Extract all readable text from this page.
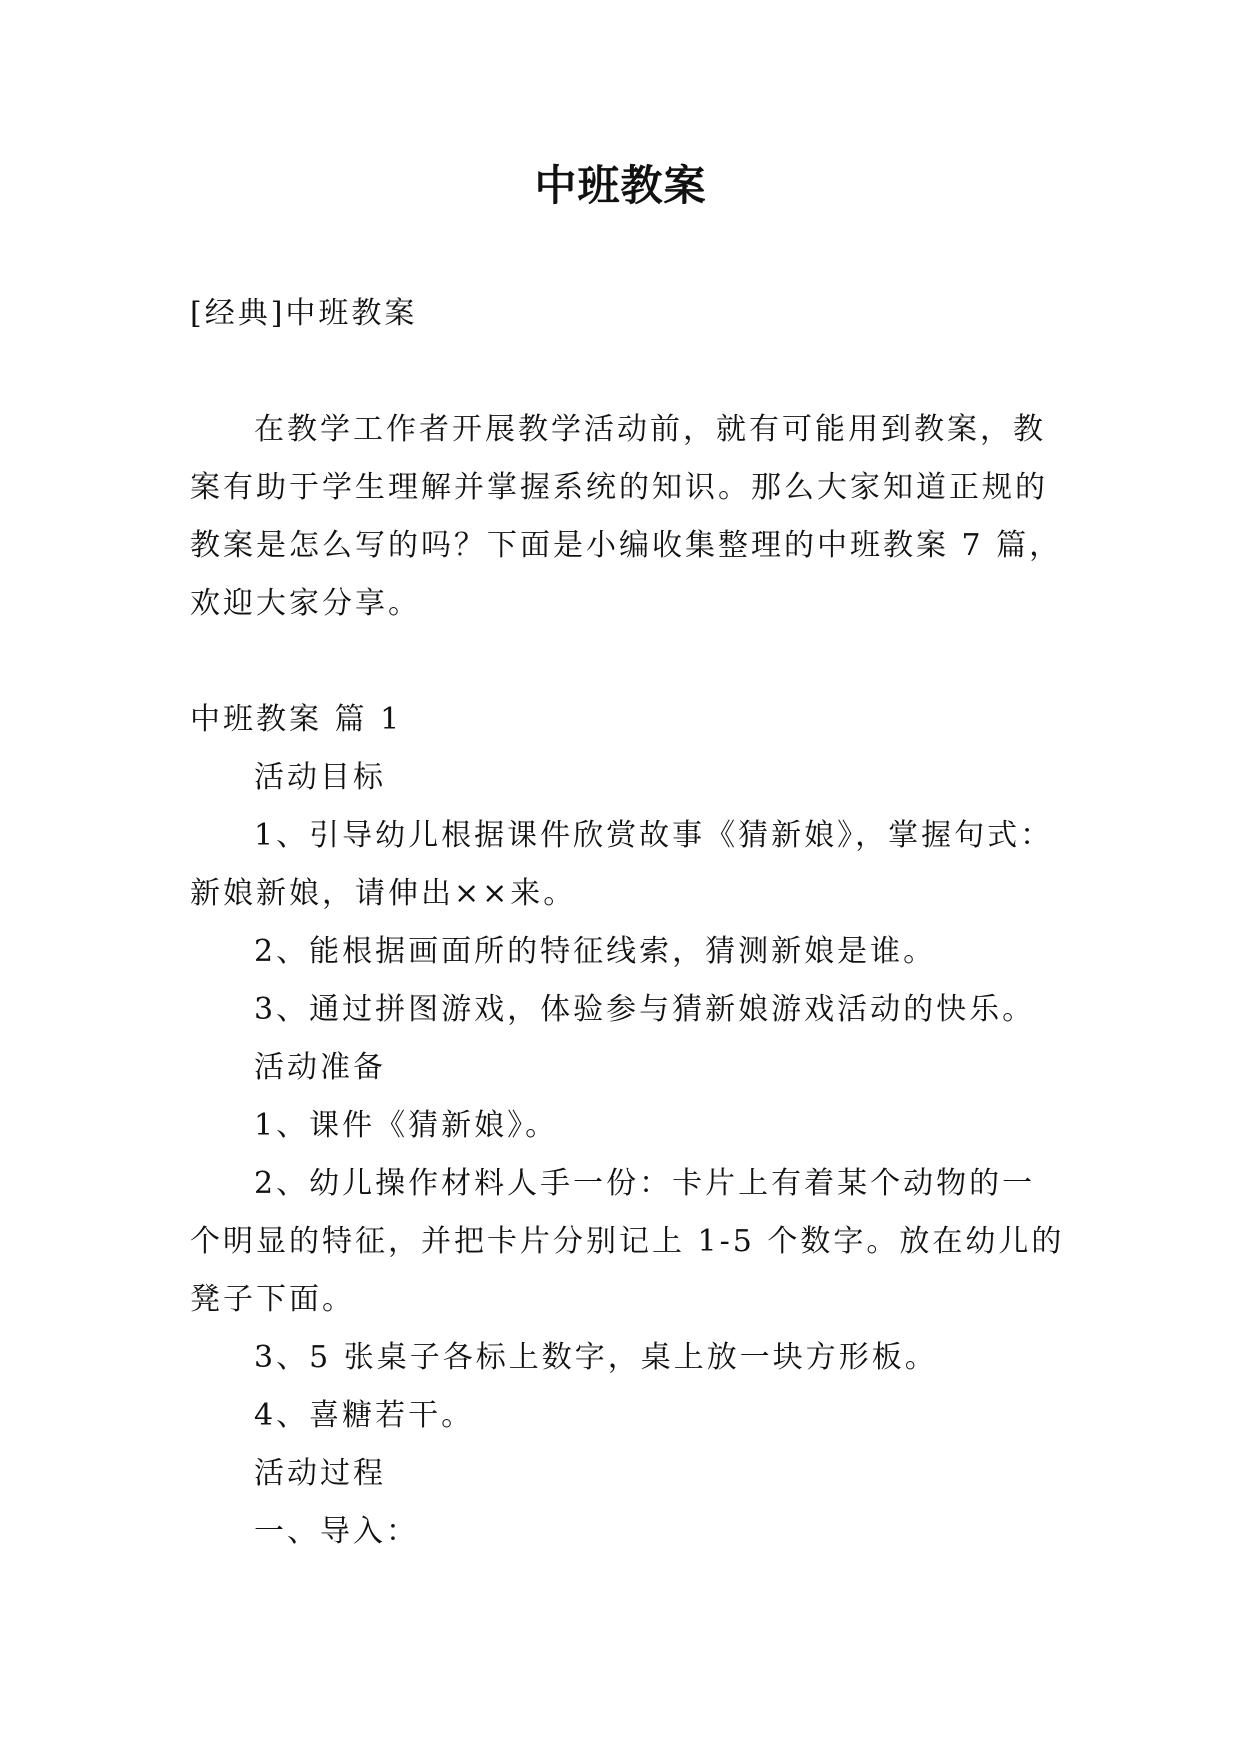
中班教案
[经典]中班教案
在教学工作者开展教学活动前，就有可能用到教案，教
案有助于学生理解并掌握系统的知识。那么大家知道正规的
教案是怎么写的吗？下面是小编收集整理的中班教案 7 篇，
欢迎大家分享。
中班教案 篇 1
活动目标
1、引导幼儿根据课件欣赏故事《猜新娘》，掌握句式：
新娘新娘，请伸出××来。
2、能根据画面所的特征线索，猜测新娘是谁。
3、通过拼图游戏，体验参与猜新娘游戏活动的快乐。
活动准备
1、课件《猜新娘》。
2、幼儿操作材料人手一份：卡片上有着某个动物的一
个明显的特征，并把卡片分别记上 1-5 个数字。放在幼儿的
凳子下面。
3、5 张桌子各标上数字，桌上放一块方形板。
4、喜糖若干。
活动过程
一、导入：
